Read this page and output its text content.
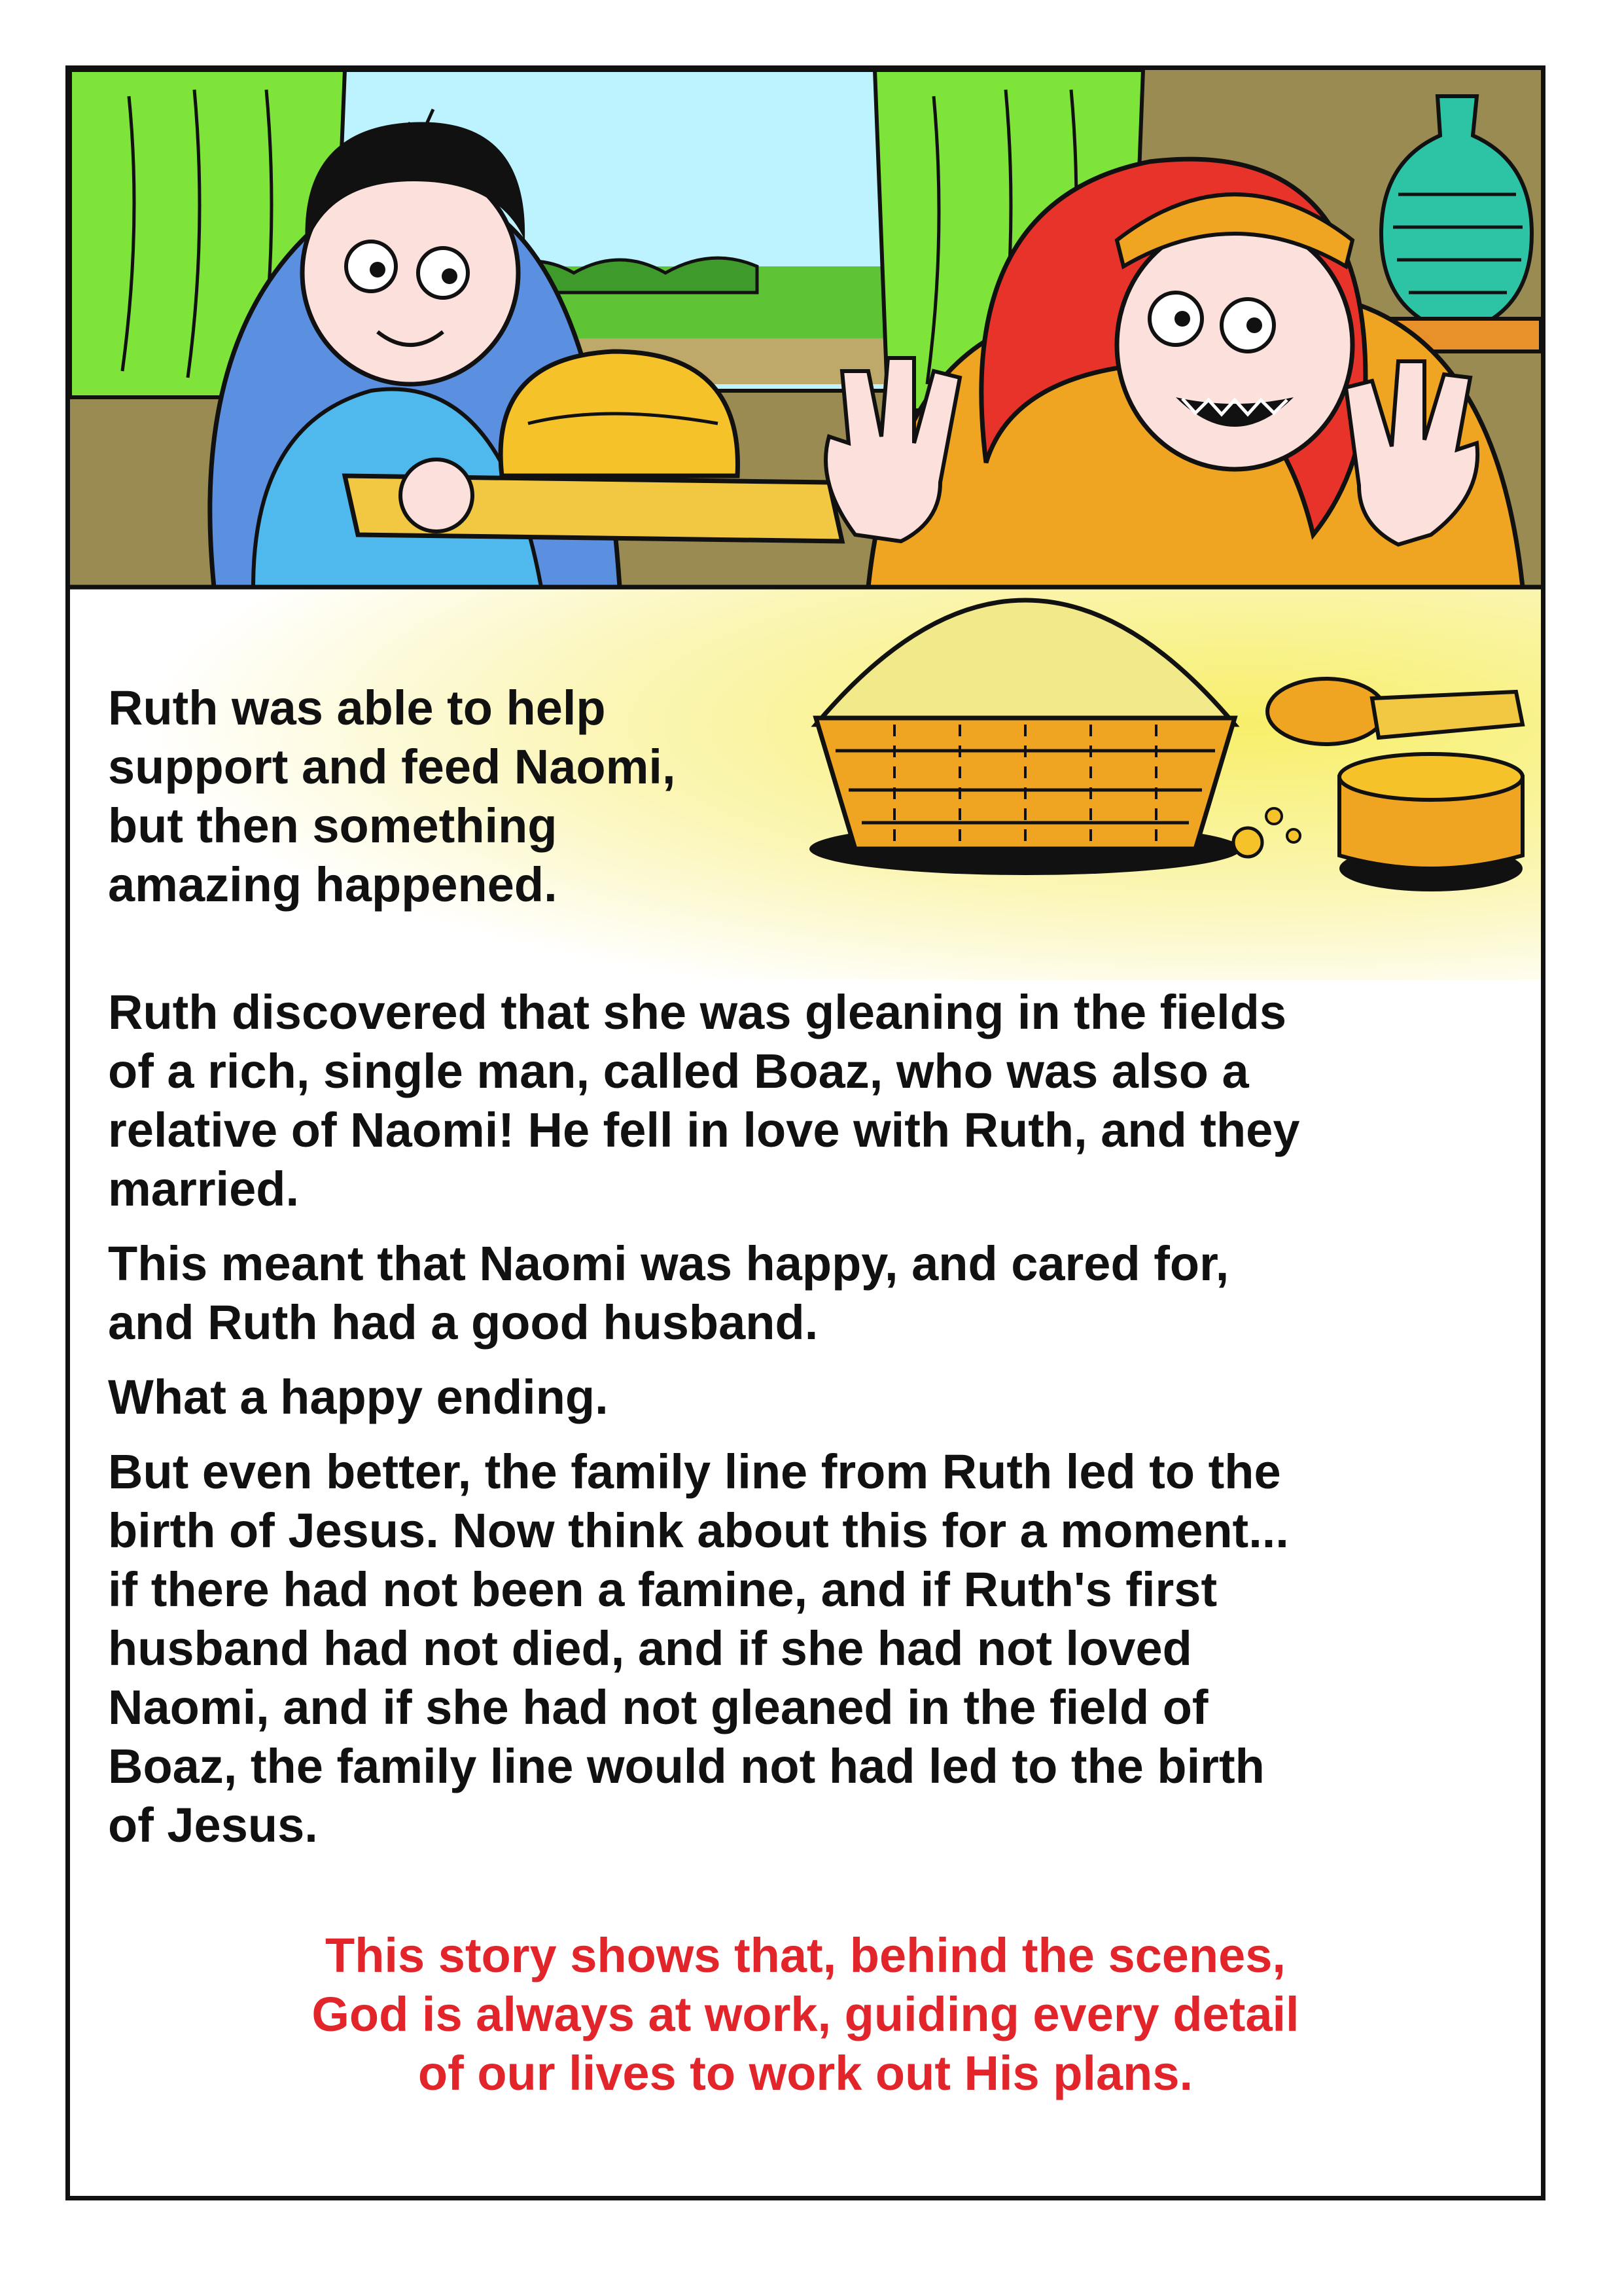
Ruth was able to help
support and feed Naomi,
but then something
amazing happened.

Ruth discovered that she was gleaning in the fields
of a rich, single man, called Boaz, who was also a
relative of Naomi! He fell in love with Ruth, and they
married.

This meant that Naomi was happy, and cared for,
and Ruth had a good husband.

What a happy ending.

But even better, the family line from Ruth led to the
birth of Jesus. Now think about this for a moment...
if there had not been a famine, and if Ruth's first
husband had not died, and if she had not loved
Naomi, and if she had not gleaned in the field of
Boaz, the family line would not had led to the birth
of Jesus.

This story shows that, behind the scenes,
God is always at work, guiding every detail
of our lives to work out His plans.
